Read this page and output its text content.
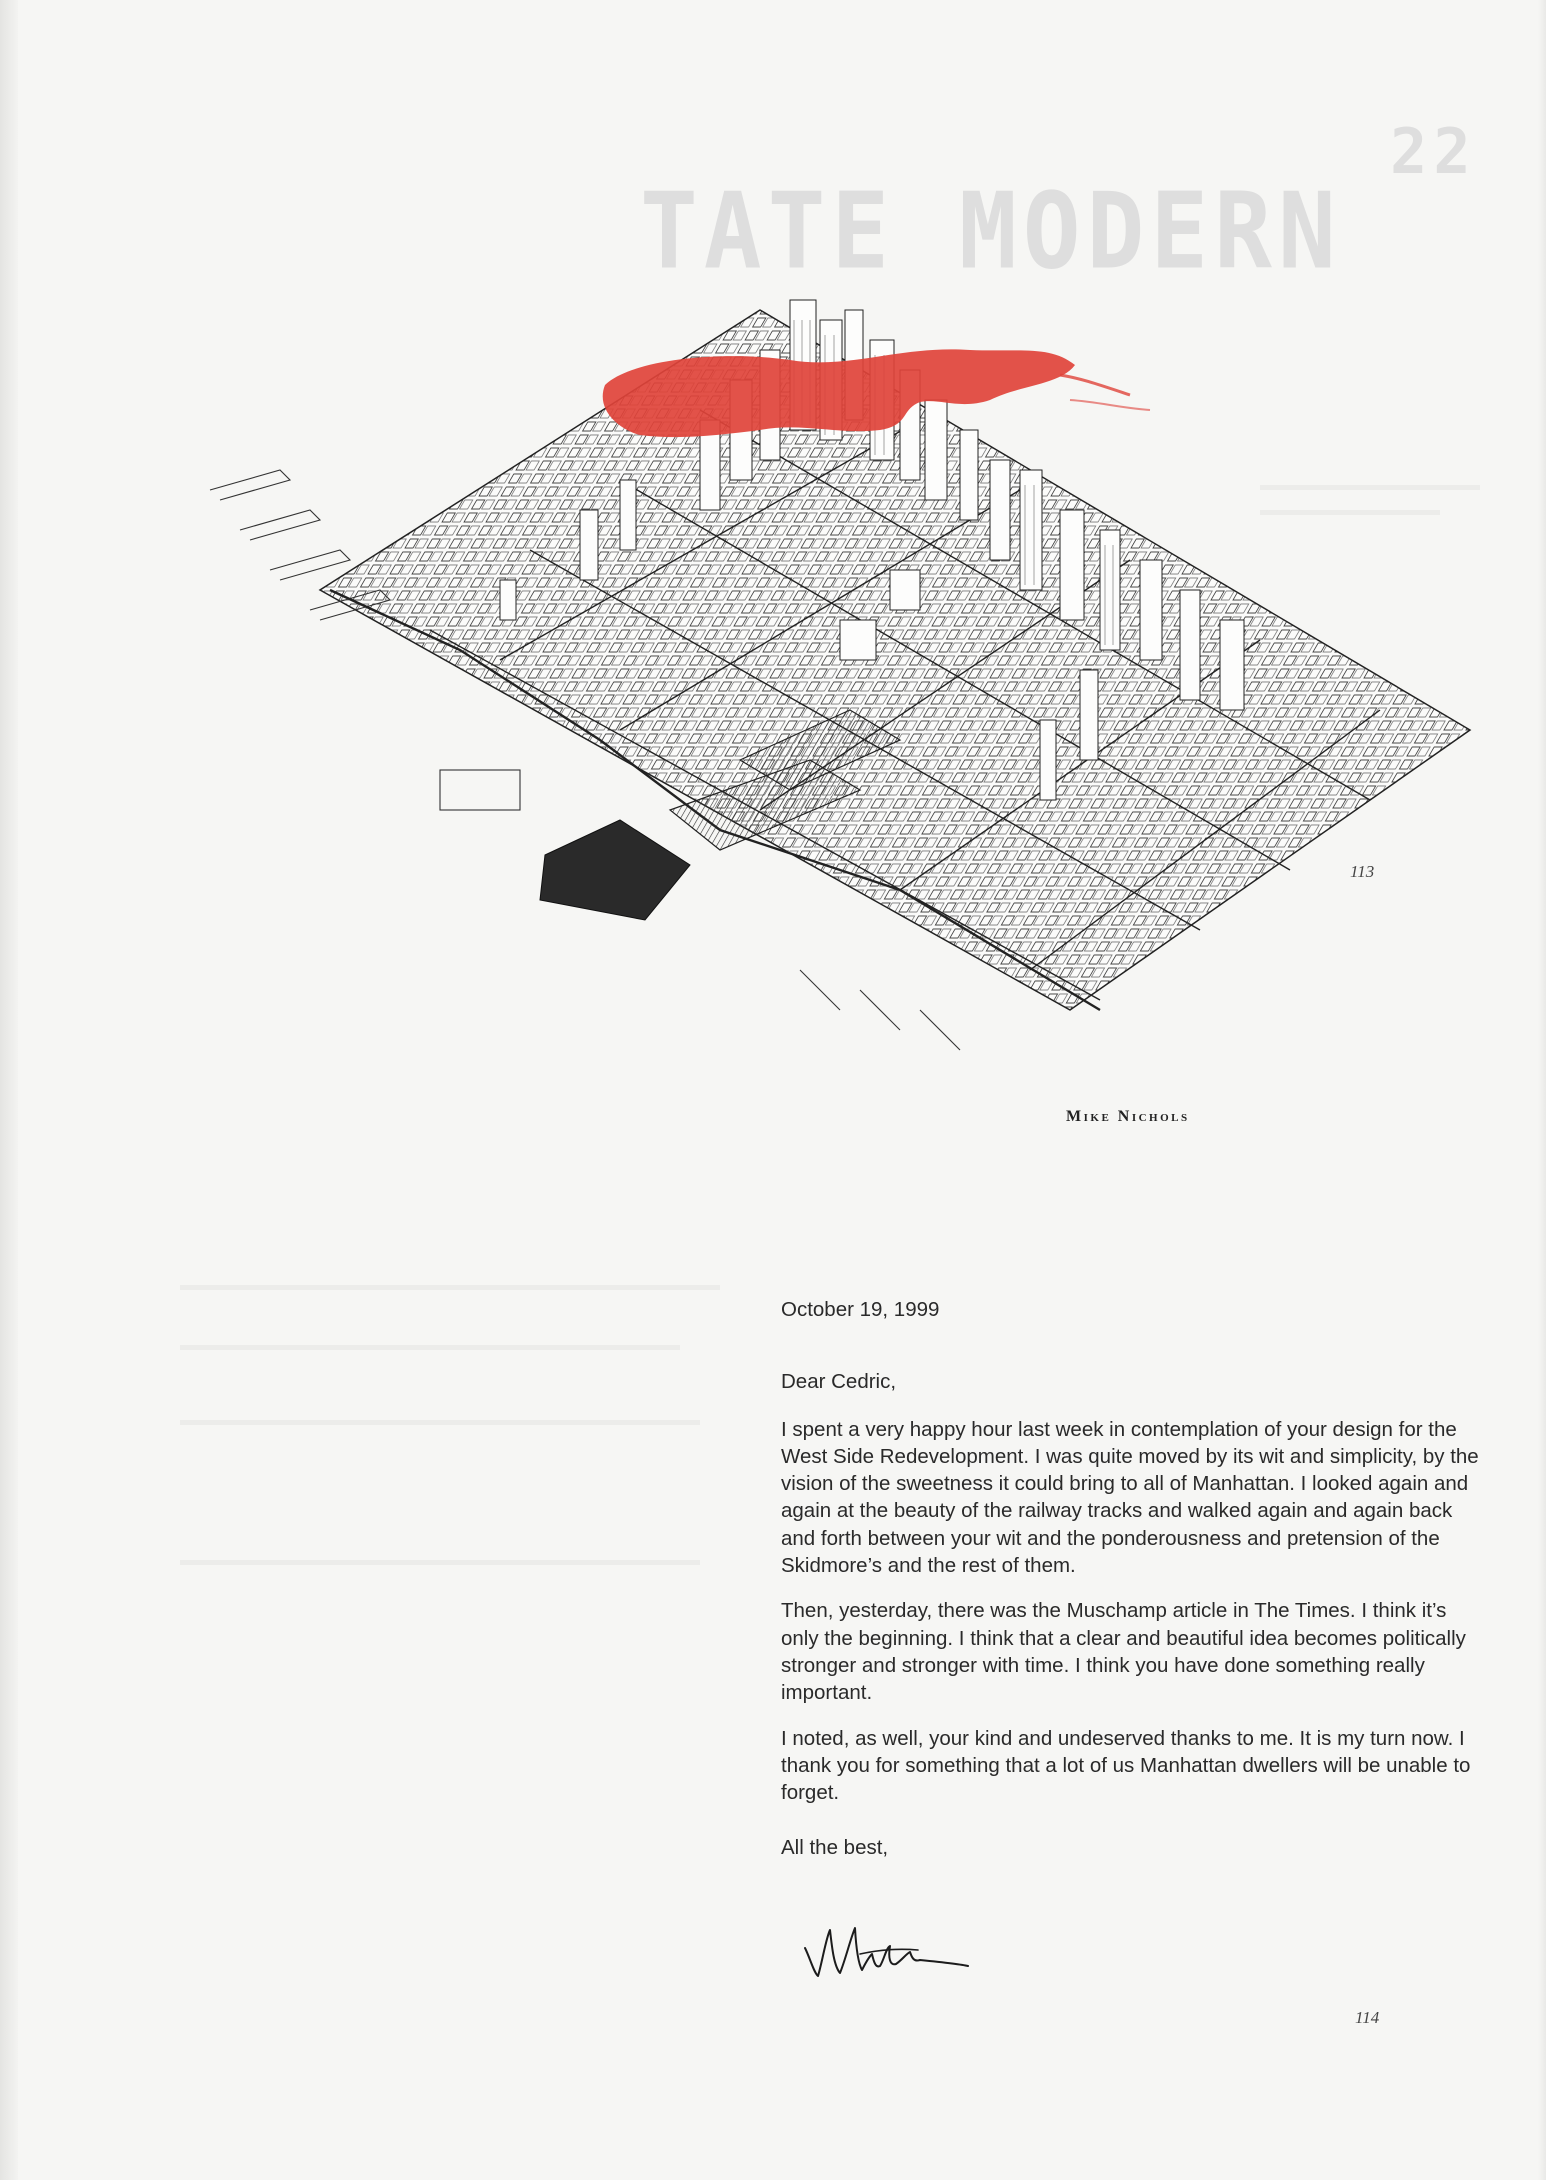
TATE MODERN
22
113
114
Mike Nichols

October 19, 1999

Dear Cedric,

I spent a very happy hour last week in contemplation of your design for the West Side Redevelopment. I was quite moved by its wit and simplicity, by the vision of the sweetness it could bring to all of Manhattan. I looked again and again at the beauty of the railway tracks and walked again and again back and forth between your wit and the ponderousness and pretension of the Skidmore’s and the rest of them.

Then, yesterday, there was the Muschamp article in The Times. I think it’s only the beginning. I think that a clear and beautiful idea becomes politically stronger and stronger with time. I think you have done something really important.

I noted, as well, your kind and undeserved thanks to me. It is my turn now. I thank you for something that a lot of us Manhattan dwellers will be unable to forget.

All the best,
